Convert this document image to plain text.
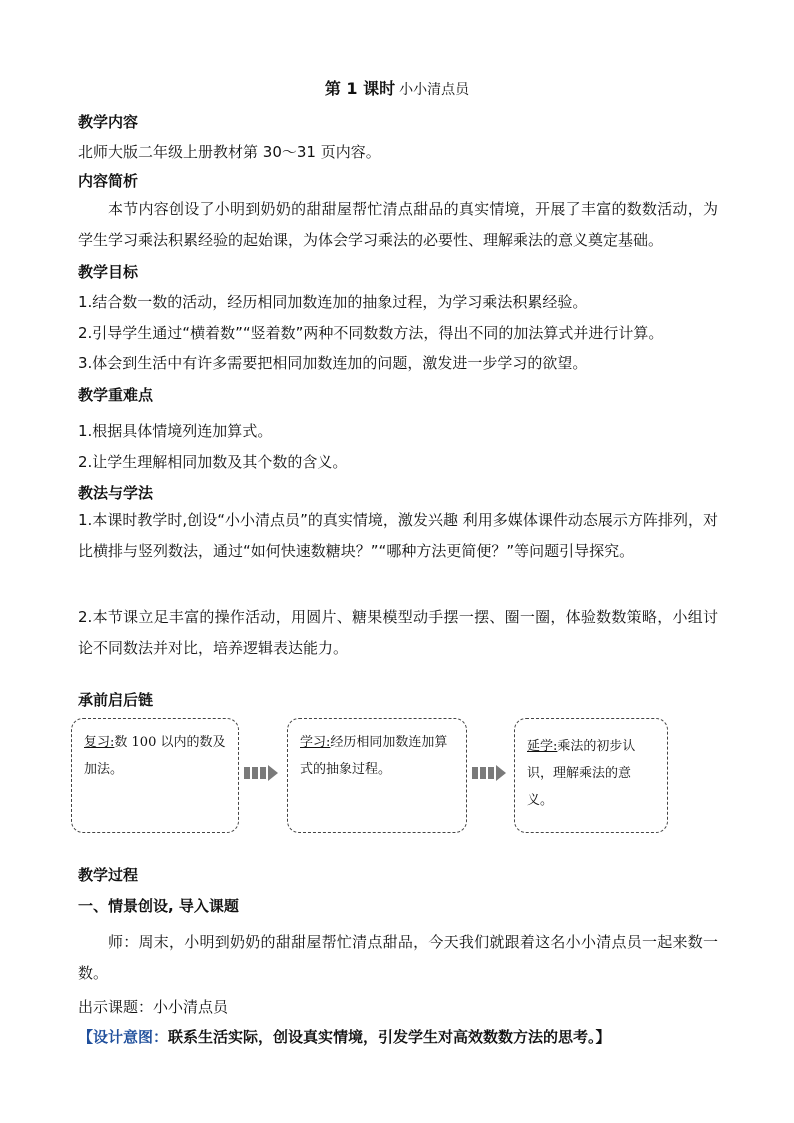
第 1 课时 小小清点员
教学内容
北师大版二年级上册教材第 30～31 页内容。
内容简析
本节内容创设了小明到奶奶的甜甜屋帮忙清点甜品的真实情境，开展了丰富的数数活动，为学生学习乘法积累经验的起始课，为体会学习乘法的必要性、理解乘法的意义奠定基础。
教学目标
1.结合数一数的活动，经历相同加数连加的抽象过程，为学习乘法积累经验。
2.引导学生通过“横着数”“竖着数”两种不同数数方法，得出不同的加法算式并进行计算。
3.体会到生活中有许多需要把相同加数连加的问题，激发进一步学习的欲望。
教学重难点
1.根据具体情境列连加算式。
2.让学生理解相同加数及其个数的含义。
教法与学法
1.本课时教学时,创设“小小清点员”的真实情境，激发兴趣 利用多媒体课件动态展示方阵排列，对比横排与竖列数法，通过“如何快速数糖块？”“哪种方法更简便？”等问题引导探究。
2.本节课立足丰富的操作活动，用圆片、糖果模型动手摆一摆、圈一圈，体验数数策略，小组讨论不同数法并对比，培养逻辑表达能力。
承前启后链
复习:数 100 以内的数及加法。
学习:经历相同加数连加算式的抽象过程。
延学:乘法的初步认识，理解乘法的意义。
教学过程
一、情景创设, 导入课题
师：周末，小明到奶奶的甜甜屋帮忙清点甜品，今天我们就跟着这名小小清点员一起来数一数。
出示课题：小小清点员
【设计意图：联系生活实际，创设真实情境，引发学生对高效数数方法的思考。】
